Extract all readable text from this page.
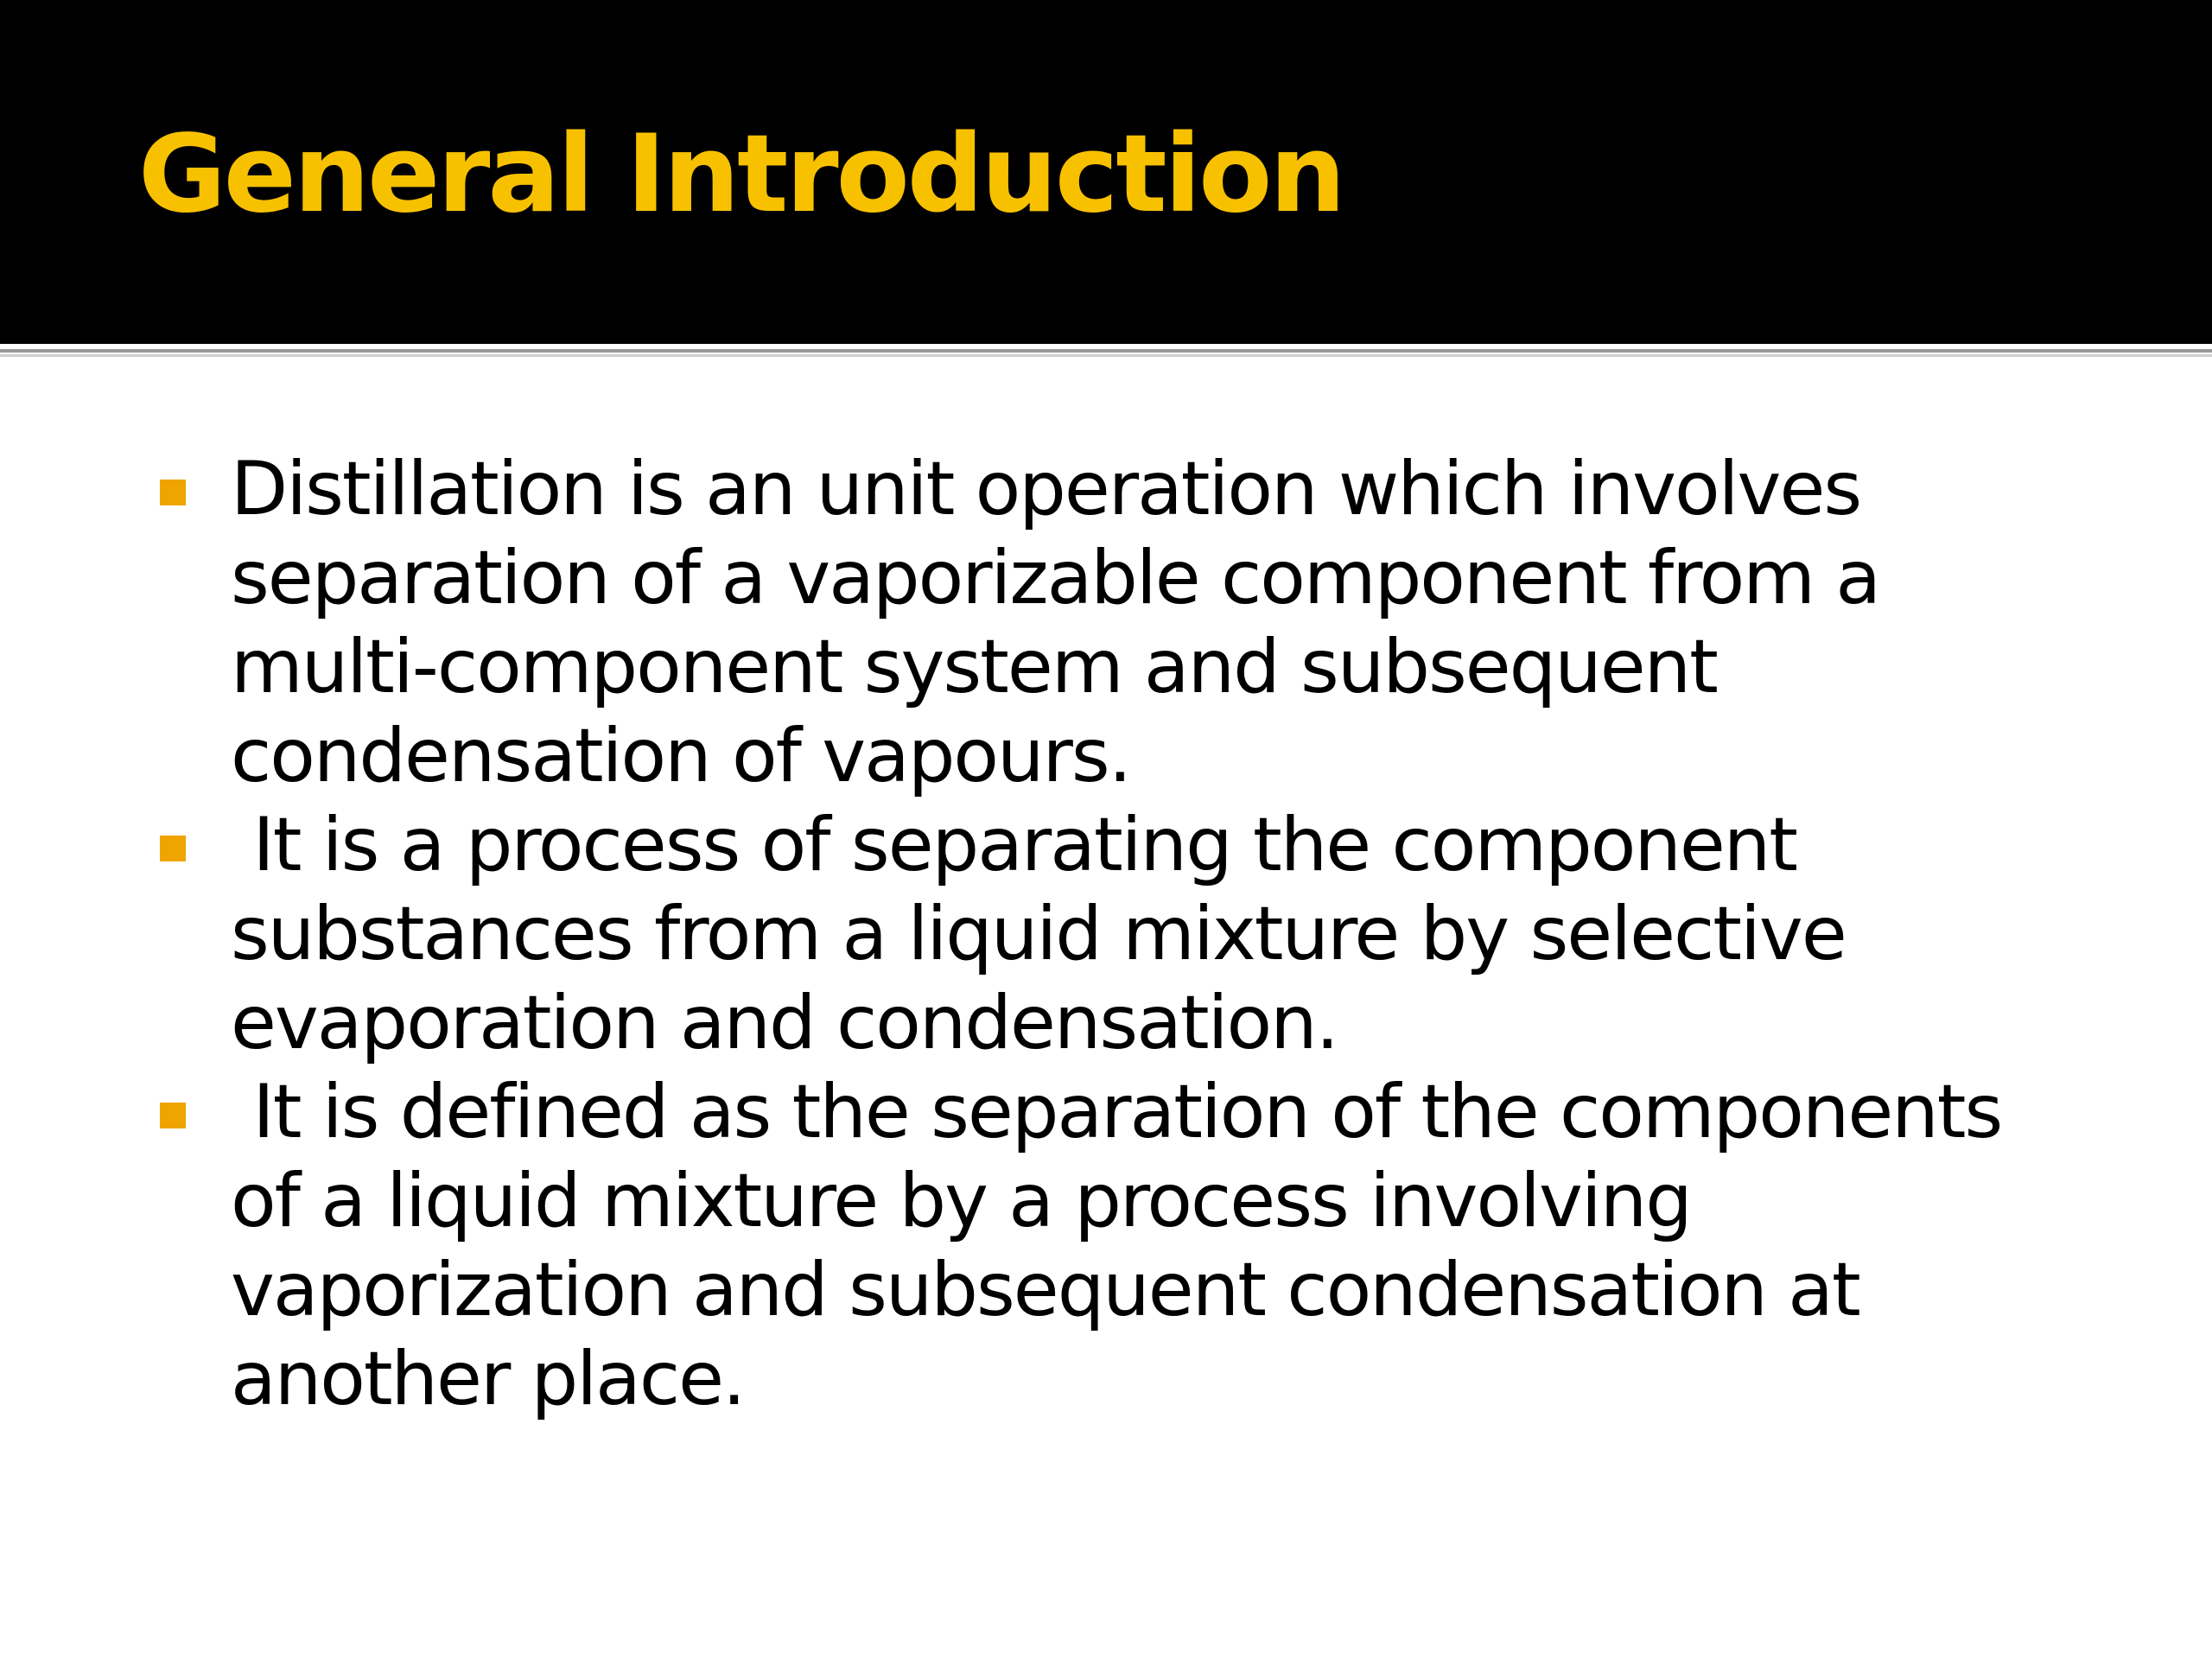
General Introduction
Distillation is an unit operation which involves separation of a vaporizable component from a multi-component system and subsequent condensation of vapours.
It is a process of separating the component substances from a liquid mixture by selective evaporation and condensation.
It is defined as the separation of the components of a liquid mixture by a process involving vaporization and subsequent condensation at another place.
